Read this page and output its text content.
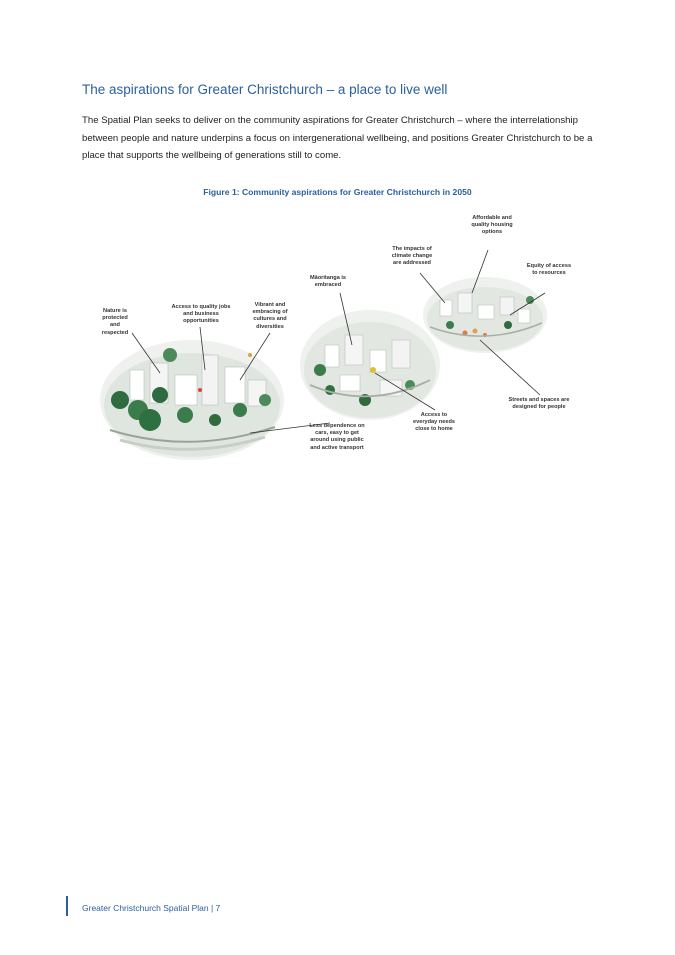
The aspirations for Greater Christchurch – a place to live well

The Spatial Plan seeks to deliver on the community aspirations for Greater Christchurch – where the interrelationship between people and nature underpins a focus on intergenerational wellbeing, and positions Greater Christchurch to be a place that supports the wellbeing of generations still to come.

Figure 1: Community aspirations for Greater Christchurch in 2050
Nature is
protected
and
respected
Access to quality jobs
and business
opportunities
Vibrant and
embracing of
cultures and
diversities
Māoritanga is
embraced
The impacts of
climate change
are addressed
Affordable and
quality housing
options
Equity of access
to resources
Streets and spaces are
designed for people
Access to
everyday needs
close to home
Less dependence on
cars, easy to get
around using public
and active transport
Greater Christchurch Spatial Plan | 7
